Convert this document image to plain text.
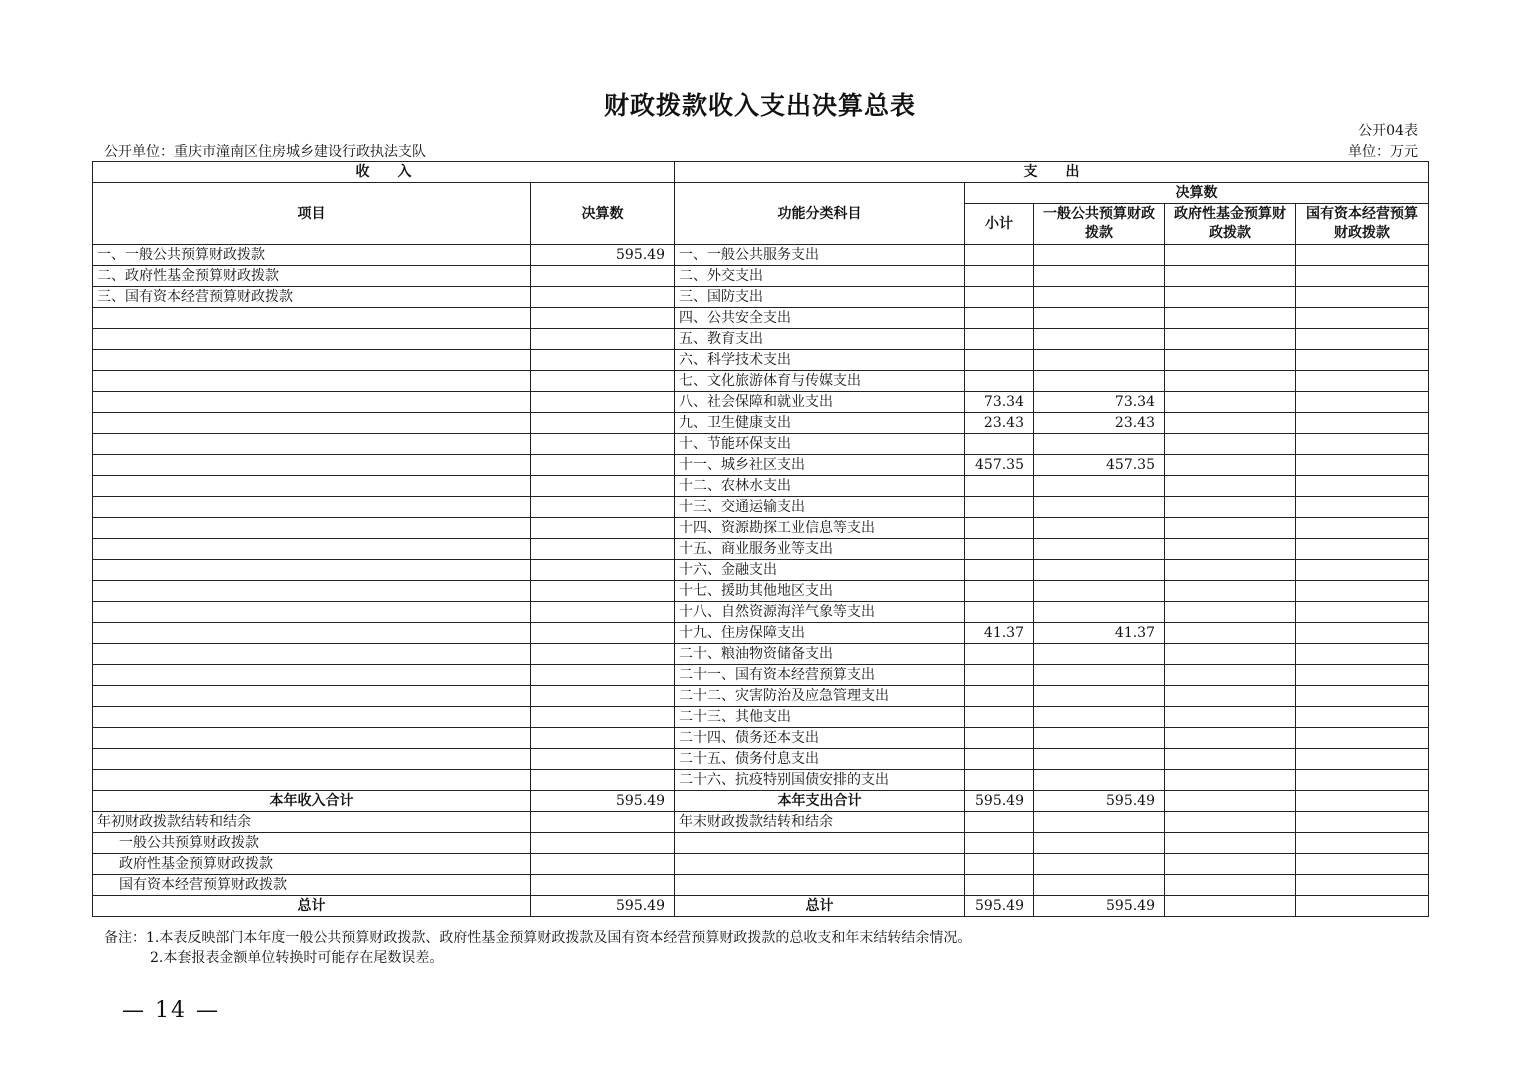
财政拨款收入支出决算总表
公开04表
公开单位：重庆市潼南区住房城乡建设行政执法支队	单位：万元
收　　入		支　　出				
项目	决算数	功能分类科目	决算数			
			小计	一般公共预算财政拨款	政府性基金预算财政拨款	国有资本经营预算财政拨款
一、一般公共预算财政拨款	595.49	一、一般公共服务支出				
二、政府性基金预算财政拨款		二、外交支出				
三、国有资本经营预算财政拨款		三、国防支出				
		四、公共安全支出				
		五、教育支出				
		六、科学技术支出				
		七、文化旅游体育与传媒支出				
		八、社会保障和就业支出	73.34	73.34		
		九、卫生健康支出	23.43	23.43		
		十、节能环保支出				
		十一、城乡社区支出	457.35	457.35		
		十二、农林水支出				
		十三、交通运输支出				
		十四、资源勘探工业信息等支出				
		十五、商业服务业等支出				
		十六、金融支出				
		十七、援助其他地区支出				
		十八、自然资源海洋气象等支出				
		十九、住房保障支出	41.37	41.37		
		二十、粮油物资储备支出				
		二十一、国有资本经营预算支出				
		二十二、灾害防治及应急管理支出				
		二十三、其他支出				
		二十四、债务还本支出				
		二十五、债务付息支出				
		二十六、抗疫特别国债安排的支出				
本年收入合计	595.49	本年支出合计	595.49	595.49		
年初财政拨款结转和结余		年末财政拨款结转和结余				
一般公共预算财政拨款						
政府性基金预算财政拨款						
国有资本经营预算财政拨款						
总计	595.49	总计	595.49	595.49		
备注：1.本表反映部门本年度一般公共预算财政拨款、政府性基金预算财政拨款及国有资本经营预算财政拨款的总收支和年末结转结余情况。
2.本套报表金额单位转换时可能存在尾数误差。
— 14 —
